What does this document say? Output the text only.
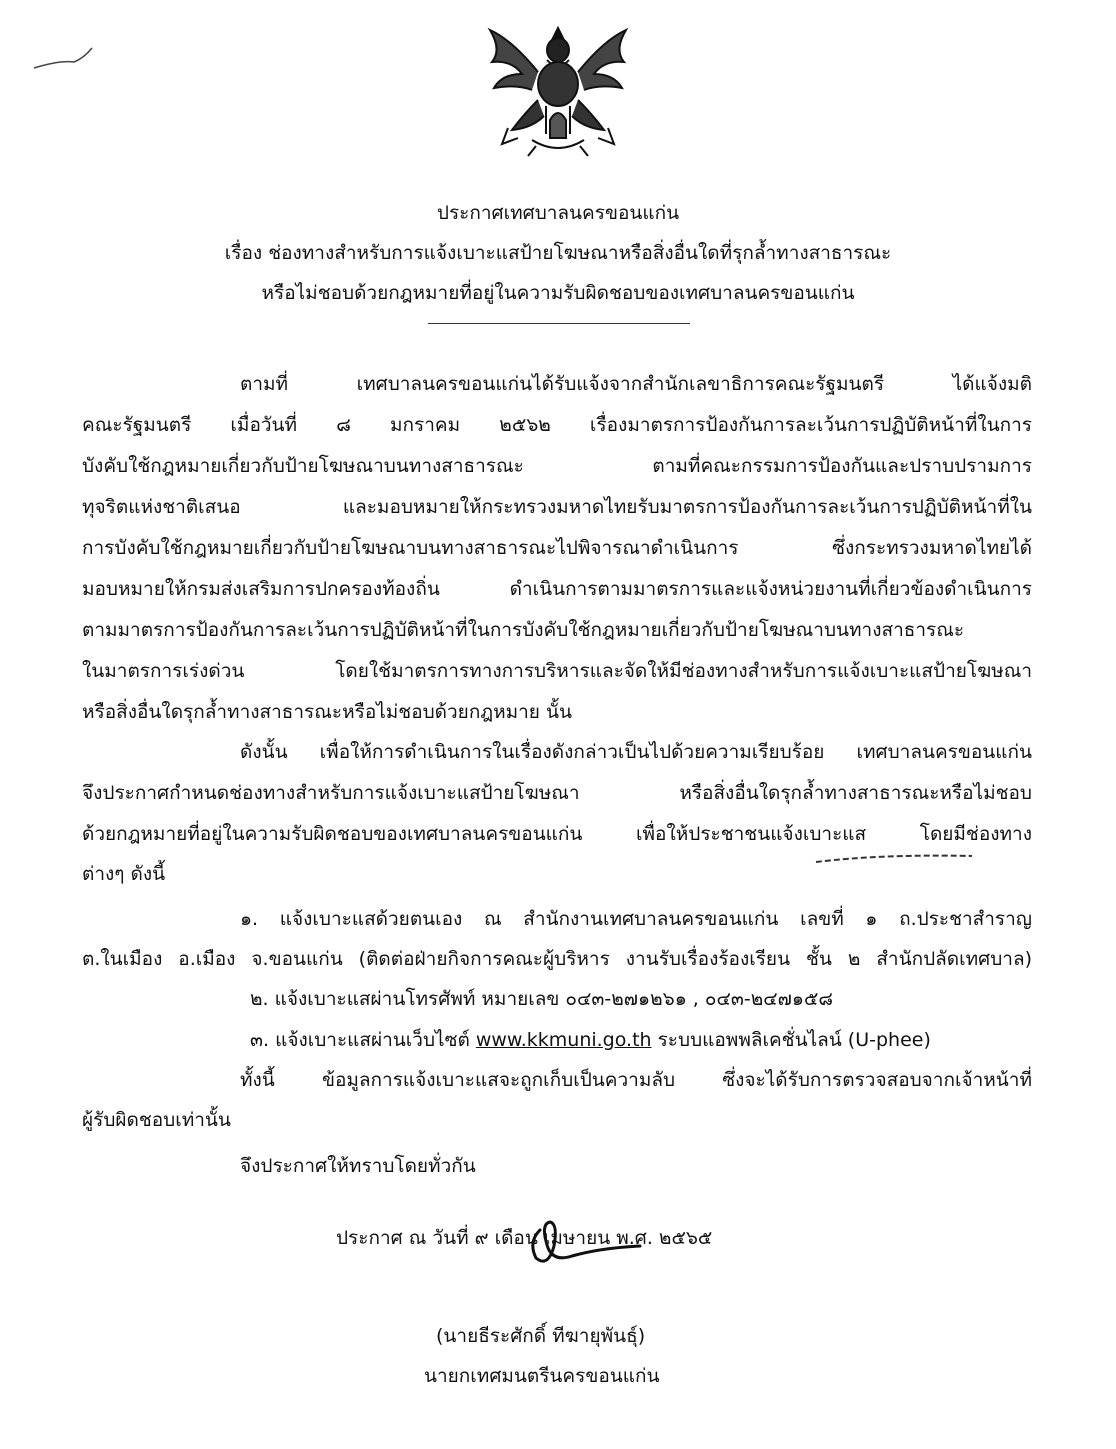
ประกาศเทศบาลนครขอนแก่น
เรื่อง ช่องทางสำหรับการแจ้งเบาะแสป้ายโฆษณาหรือสิ่งอื่นใดที่รุกล้ำทางสาธารณะ
หรือไม่ชอบด้วยกฎหมายที่อยู่ในความรับผิดชอบของเทศบาลนครขอนแก่น
ตามที่ เทศบาลนครขอนแก่นได้รับแจ้งจากสำนักเลขาธิการคณะรัฐมนตรี ได้แจ้งมติ
คณะรัฐมนตรี เมื่อวันที่ ๘ มกราคม ๒๕๖๒ เรื่องมาตรการป้องกันการละเว้นการปฏิบัติหน้าที่ในการ
บังคับใช้กฎหมายเกี่ยวกับป้ายโฆษณาบนทางสาธารณะ ตามที่คณะกรรมการป้องกันและปราบปรามการ
ทุจริตแห่งชาติเสนอ และมอบหมายให้กระทรวงมหาดไทยรับมาตรการป้องกันการละเว้นการปฏิบัติหน้าที่ใน
การบังคับใช้กฎหมายเกี่ยวกับป้ายโฆษณาบนทางสาธารณะไปพิจารณาดำเนินการ ซึ่งกระทรวงมหาดไทยได้
มอบหมายให้กรมส่งเสริมการปกครองท้องถิ่น ดำเนินการตามมาตรการและแจ้งหน่วยงานที่เกี่ยวข้องดำเนินการ
ตามมาตรการป้องกันการละเว้นการปฏิบัติหน้าที่ในการบังคับใช้กฎหมายเกี่ยวกับป้ายโฆษณาบนทางสาธารณะ
ในมาตรการเร่งด่วน โดยใช้มาตรการทางการบริหารและจัดให้มีช่องทางสำหรับการแจ้งเบาะแสป้ายโฆษณา
หรือสิ่งอื่นใดรุกล้ำทางสาธารณะหรือไม่ชอบด้วยกฎหมาย นั้น
ดังนั้น เพื่อให้การดำเนินการในเรื่องดังกล่าวเป็นไปด้วยความเรียบร้อย เทศบาลนครขอนแก่น
จึงประกาศกำหนดช่องทางสำหรับการแจ้งเบาะแสป้ายโฆษณา หรือสิ่งอื่นใดรุกล้ำทางสาธารณะหรือไม่ชอบ
ด้วยกฎหมายที่อยู่ในความรับผิดชอบของเทศบาลนครขอนแก่น เพื่อให้ประชาชนแจ้งเบาะแส โดยมีช่องทาง
ต่างๆ ดังนี้
๑. แจ้งเบาะแสด้วยตนเอง ณ สำนักงานเทศบาลนครขอนแก่น เลขที่ ๑ ถ.ประชาสำราญ
ต.ในเมือง อ.เมือง จ.ขอนแก่น (ติดต่อฝ่ายกิจการคณะผู้บริหาร งานรับเรื่องร้องเรียน ชั้น ๒ สำนักปลัดเทศบาล)
๒. แจ้งเบาะแสผ่านโทรศัพท์ หมายเลข ๐๔๓-๒๗๑๒๖๑ , ๐๔๓-๒๔๗๑๕๘
๓. แจ้งเบาะแสผ่านเว็บไซต์ www.kkmuni.go.th ระบบแอพพลิเคชั่นไลน์ (U-phee)
ทั้งนี้ ข้อมูลการแจ้งเบาะแสจะถูกเก็บเป็นความลับ ซึ่งจะได้รับการตรวจสอบจากเจ้าหน้าที่
ผู้รับผิดชอบเท่านั้น
จึงประกาศให้ทราบโดยทั่วกัน
ประกาศ ณ วันที่ ๙ เดือน เมษายน พ.ศ. ๒๕๖๕
(นายธีระศักดิ์ ทีฆายุพันธุ์)
นายกเทศมนตรีนครขอนแก่น
